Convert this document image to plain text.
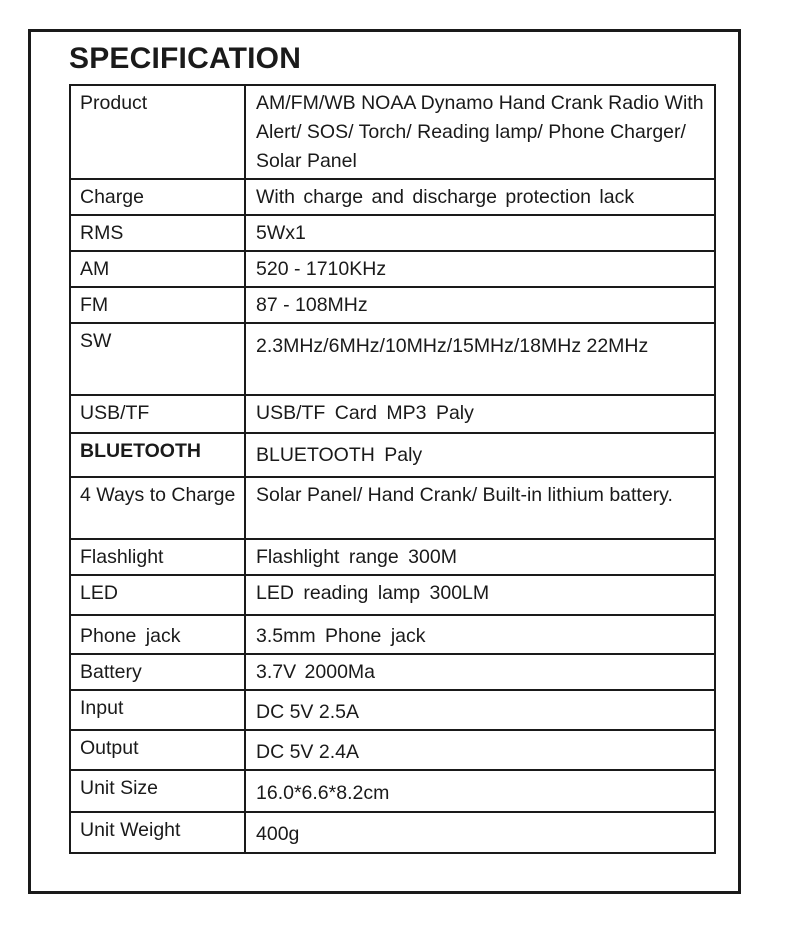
SPECIFICATION
Product	AM/FM/WB NOAA Dynamo Hand Crank Radio With Alert/ SOS/ Torch/ Reading lamp/ Phone Charger/ Solar Panel
Charge	With charge and discharge protection lack
RMS	5Wx1
AM	520 - 1710KHz
FM	87 - 108MHz
SW	2.3MHz/6MHz/10MHz/15MHz/18MHz 22MHz
USB/TF	USB/TF Card MP3 Paly
BLUETOOTH	BLUETOOTH Paly
4 Ways to Charge	Solar Panel/ Hand Crank/ Built-in lithium battery.
Flashlight	Flashlight range 300M
LED	LED reading lamp 300LM
Phone jack	3.5mm Phone jack
Battery	3.7V 2000Ma
Input	DC 5V 2.5A
Output	DC 5V 2.4A
Unit Size	16.0*6.6*8.2cm
Unit Weight	400g
